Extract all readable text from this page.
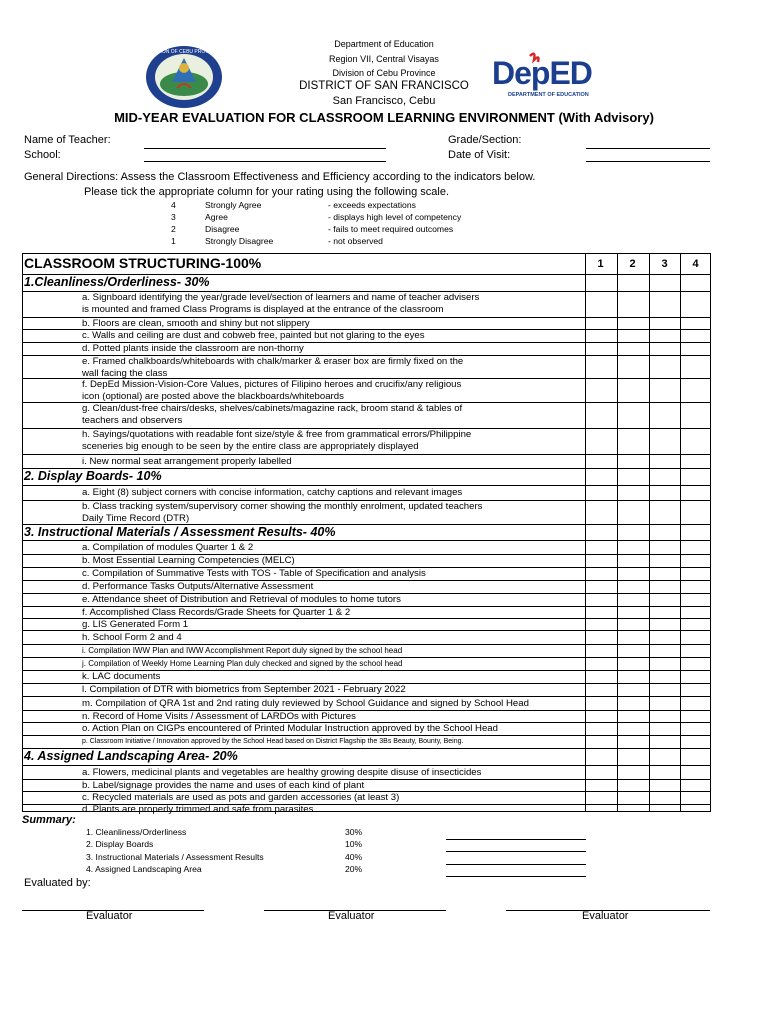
DIVISION OF CEBU PROVINCE
Department of Education
Region VII, Central Visayas
Division of Cebu Province
DISTRICT OF SAN FRANCISCO
San Francisco, Cebu
DepED
DEPARTMENT OF EDUCATION
MID-YEAR EVALUATION FOR CLASSROOM LEARNING ENVIRONMENT (With Advisory)
Name of Teacher:
School:
Grade/Section:
Date of Visit:
General Directions: Assess the Classroom Effectiveness and Efficiency according to the indicators below.
Please tick the appropriate column for your rating using the following scale.
4	Strongly Agree	- exceeds expectations
3	Agree	- displays high level of competency
2	Disagree	- fails to meet required outcomes
1	Strongly Disagree	- not observed
CLASSROOM STRUCTURING-100%	1	2	3	4
1.Cleanliness/Orderliness- 30%
a. Signboard identifying the year/grade level/section of learners and name of teacher advisers
is mounted and framed Class Programs is displayed at the entrance of the classroom
b. Floors are clean, smooth and shiny but not slippery
c. Walls and ceiling are dust and cobweb free, painted but not glaring to the eyes
d. Potted plants inside the classroom are non-thorny
e. Framed chalkboards/whiteboards with chalk/marker & eraser box are firmly fixed on the
wall facing the class
f. DepEd Mission-Vision-Core Values, pictures of Filipino heroes and crucifix/any religious
icon (optional) are posted above the blackboards/whiteboards
g. Clean/dust-free chairs/desks, shelves/cabinets/magazine rack, broom stand & tables of
teachers and observers
h. Sayings/quotations with readable font size/style & free from grammatical errors/Philippine
sceneries big enough to be seen by the entire class are appropriately displayed
i. New normal seat arrangement properly labelled
2. Display Boards- 10%
a. Eight (8) subject corners with concise information, catchy captions and relevant images
b. Class tracking system/supervisory corner showing the monthly enrolment, updated teachers
Daily Time Record (DTR)
3. Instructional Materials / Assessment Results- 40%
a. Compilation of modules Quarter 1 & 2
b. Most Essential Learning Competencies (MELC)
c. Compilation of Summative Tests with TOS - Table of Specification and analysis
d. Performance Tasks Outputs/Alternative Assessment
e. Attendance sheet of Distribution and Retrieval of modules to home tutors
f. Accomplished Class Records/Grade Sheets for Quarter 1 & 2
g. LIS Generated Form 1
h. School Form 2 and 4
i. Compilation IWW Plan and IWW Accomplishment Report duly signed by the school head
j. Compilation of Weekly Home Learning Plan duly checked and signed by the school head
k. LAC documents
l. Compilation of DTR with biometrics from September 2021 - February 2022
m. Compilation of QRA 1st and 2nd rating duly reviewed by School Guidance and signed by School Head
n. Record of Home Visits / Assessment of LARDOs with Pictures
o. Action Plan on CIGPs encountered of Printed Modular Instruction approved by the School Head
p. Classroom Initiative / Innovation approved by the School Head based on District Flagship the 3Bs Beauty, Bounty, Being.
4. Assigned Landscaping Area- 20%
a. Flowers, medicinal plants and vegetables are healthy growing despite disuse of insecticides
b. Label/signage provides the name and uses of each kind of plant
c. Recycled materials are used as pots and garden accessories (at least 3)
d. Plants are properly trimmed and safe from parasites
Summary:
1. Cleanliness/Orderliness	30%
2. Display Boards	10%
3. Instructional Materials / Assessment Results	40%
4. Assigned Landscaping Area	20%
Evaluated by:
Evaluator	Evaluator	Evaluator
